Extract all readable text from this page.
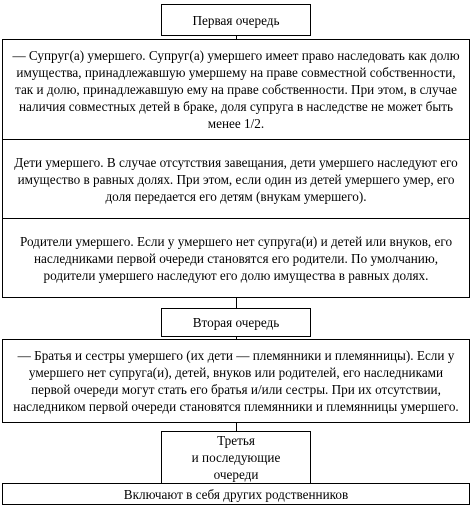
Первая очередь
— Супруг(а) умершего. Супруг(а) умершего имеет право наследовать как долю имущества, принадлежавшую умершему на праве совместной собственности, так и долю, принадлежавшую ему на праве собственности. При этом, в случае наличия совместных детей в браке, доля супруга в наследстве не может быть менее 1/2.
Дети умершего. В случае отсутствия завещания, дети умершего наследуют его имущество в равных долях. При этом, если один из детей умершего умер, его доля передается его детям (внукам умершего).
Родители умершего. Если у умершего нет супруга(и) и детей или внуков, его наследниками первой очереди становятся его родители. По умолчанию, родители умершего наследуют его долю имущества в равных долях.
Вторая очередь
— Братья и сестры умершего (их дети — племянники и племянницы). Если у умершего нет супруга(и), детей, внуков или родителей, его наследниками первой очереди могут стать его братья и/или сестры. При их отсутствии, наследником первой очереди становятся племянники и племянницы умершего.
Третья
и последующие
очереди
Включают в себя других родственников
